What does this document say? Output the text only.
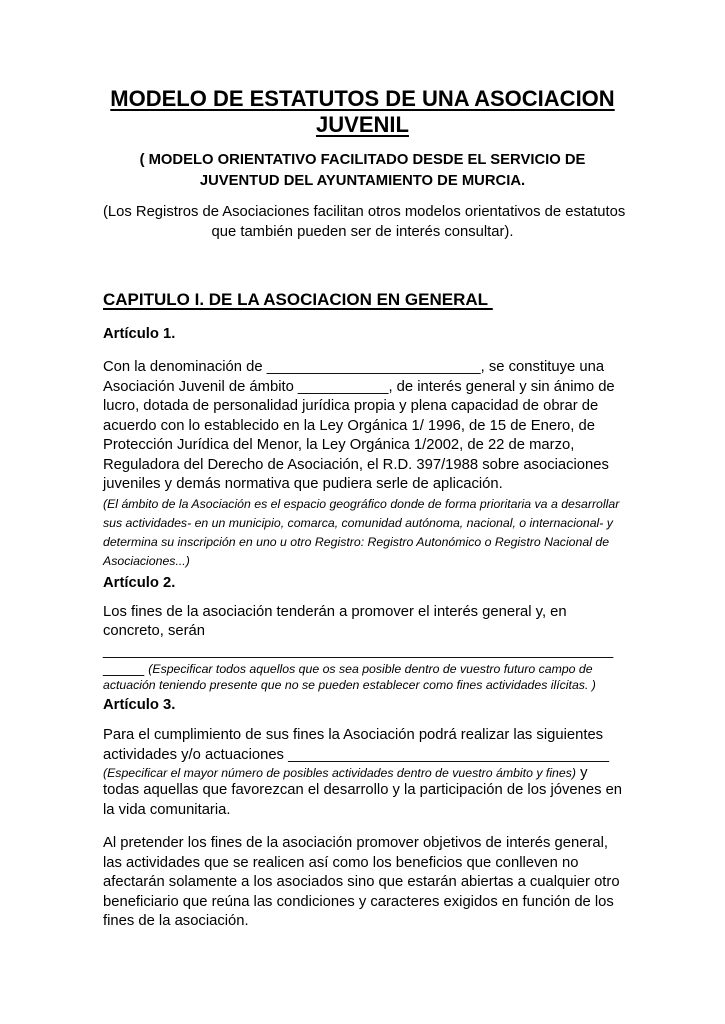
MODELO DE ESTATUTOS DE UNA ASOCIACION
JUVENIL
( MODELO ORIENTATIVO FACILITADO DESDE EL SERVICIO DE
JUVENTUD DEL AYUNTAMIENTO DE MURCIA.
(Los Registros de Asociaciones facilitan otros modelos orientativos de estatutos
que también pueden ser de interés consultar).
CAPITULO I. DE LA ASOCIACION EN GENERAL
Artículo 1.
Con la denominación de __________________________, se constituye una
Asociación Juvenil de ámbito ___________, de interés general y sin ánimo de
lucro, dotada de personalidad jurídica propia y plena capacidad de obrar de
acuerdo con lo establecido en la Ley Orgánica 1/ 1996, de 15 de Enero, de
Protección Jurídica del Menor, la Ley Orgánica 1/2002, de 22 de marzo,
Reguladora del Derecho de Asociación, el R.D. 397/1988 sobre asociaciones
juveniles y demás normativa que pudiera serle de aplicación.
(El ámbito de la Asociación es el espacio geográfico donde de forma prioritaria va a desarrollar
sus actividades- en un municipio, comarca, comunidad autónoma, nacional, o internacional- y
determina su inscripción en uno u otro Registro: Registro Autonómico o Registro Nacional de
Asociaciones...)
Artículo 2.
Los fines de la asociación tenderán a promover el interés general y, en
concreto, serán
______________________________________________________________
_____ (Especificar todos aquellos que os sea posible dentro de vuestro futuro campo de
actuación teniendo presente que no se pueden establecer como fines actividades ilícitas. )
Artículo 3.
Para el cumplimiento de sus fines la Asociación podrá realizar las siguientes
actividades y/o actuaciones _______________________________________
(Especificar el mayor número de posibles actividades dentro de vuestro ámbito y fines) y
todas aquellas que favorezcan el desarrollo y la participación de los jóvenes en
la vida comunitaria.
Al pretender los fines de la asociación promover objetivos de interés general,
las actividades que se realicen así como los beneficios que conlleven no
afectarán solamente a los asociados sino que estarán abiertas a cualquier otro
beneficiario que reúna las condiciones y caracteres exigidos en función de los
fines de la asociación.
